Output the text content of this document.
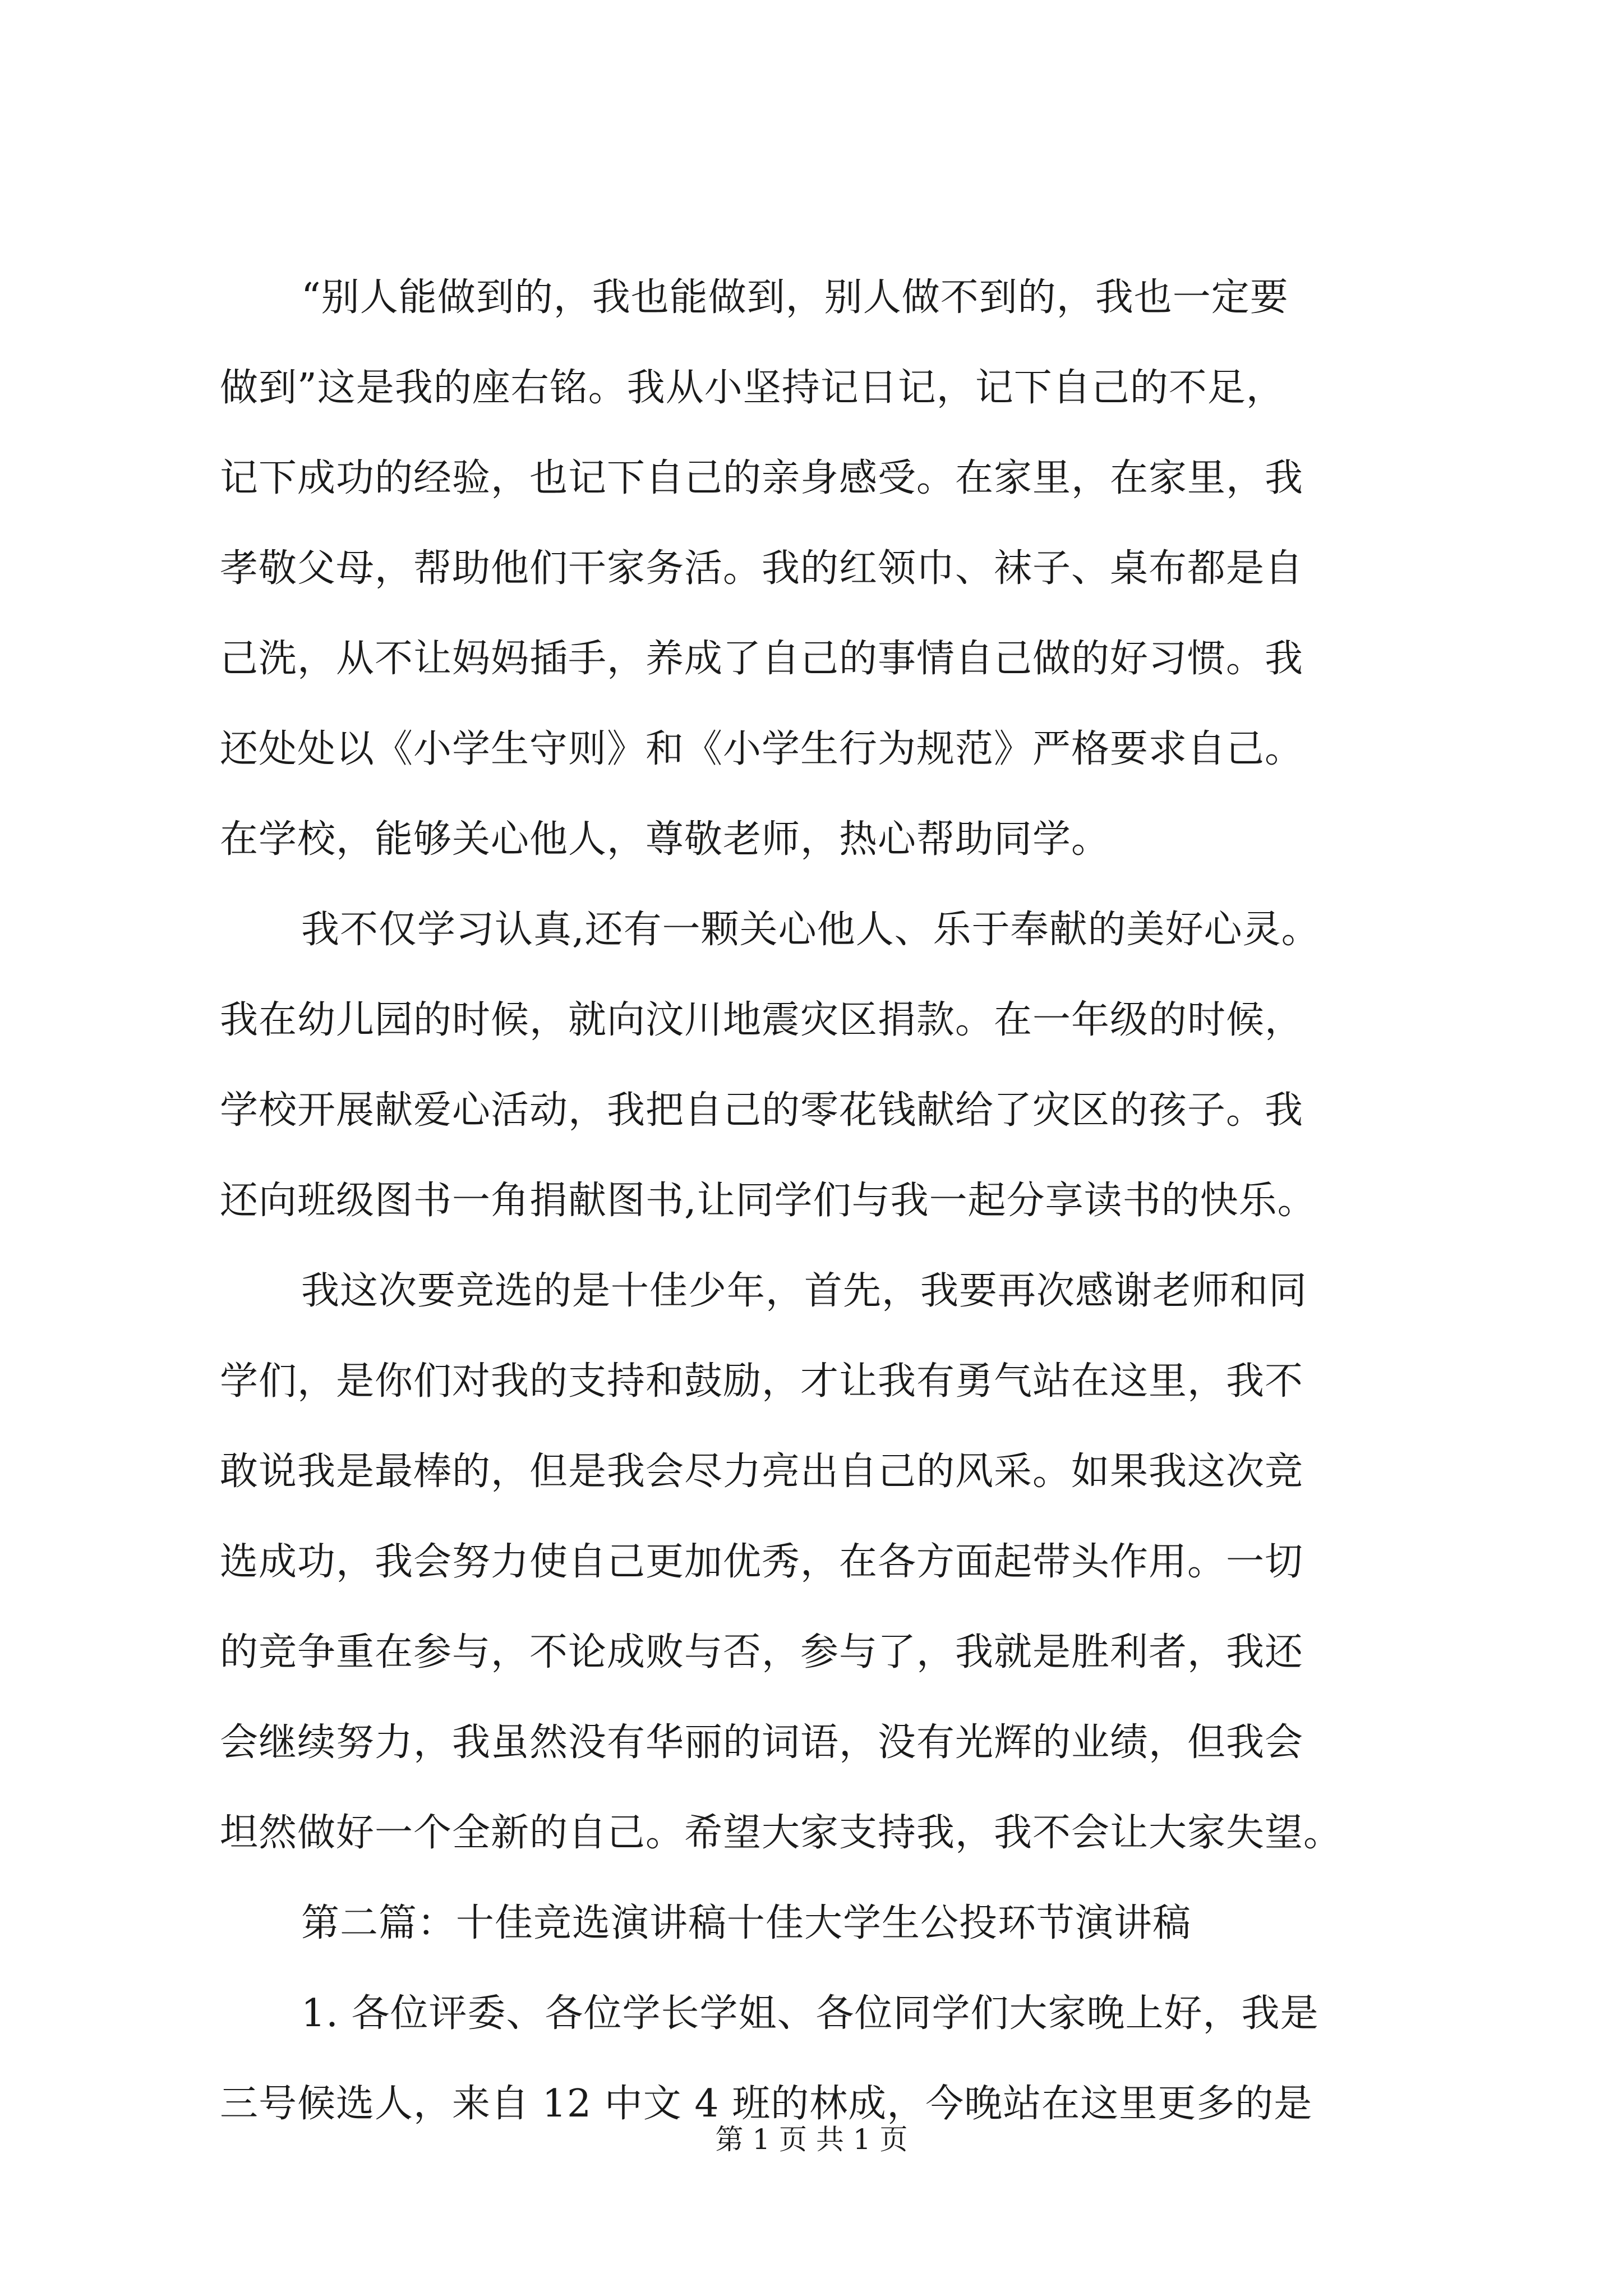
“别人能做到的，我也能做到，别人做不到的，我也一定要
做到”这是我的座右铭。我从小坚持记日记，记下自己的不足，
记下成功的经验，也记下自己的亲身感受。在家里，在家里，我
孝敬父母，帮助他们干家务活。我的红领巾、袜子、桌布都是自
己洗，从不让妈妈插手，养成了自己的事情自己做的好习惯。我
还处处以《小学生守则》和《小学生行为规范》严格要求自己。
在学校，能够关心他人，尊敬老师，热心帮助同学。
我不仅学习认真,还有一颗关心他人、乐于奉献的美好心灵。
我在幼儿园的时候，就向汶川地震灾区捐款。在一年级的时候，
学校开展献爱心活动，我把自己的零花钱献给了灾区的孩子。我
还向班级图书一角捐献图书,让同学们与我一起分享读书的快乐。
我这次要竞选的是十佳少年，首先，我要再次感谢老师和同
学们，是你们对我的支持和鼓励，才让我有勇气站在这里，我不
敢说我是最棒的，但是我会尽力亮出自己的风采。如果我这次竞
选成功，我会努力使自己更加优秀，在各方面起带头作用。一切
的竞争重在参与，不论成败与否，参与了，我就是胜利者，我还
会继续努力，我虽然没有华丽的词语，没有光辉的业绩，但我会
坦然做好一个全新的自己。希望大家支持我，我不会让大家失望。
第二篇：十佳竞选演讲稿十佳大学生公投环节演讲稿
1. 各位评委、各位学长学姐、各位同学们大家晚上好，我是
三号候选人，来自 12 中文 4 班的林成，今晚站在这里更多的是
第 1 页 共 1 页
